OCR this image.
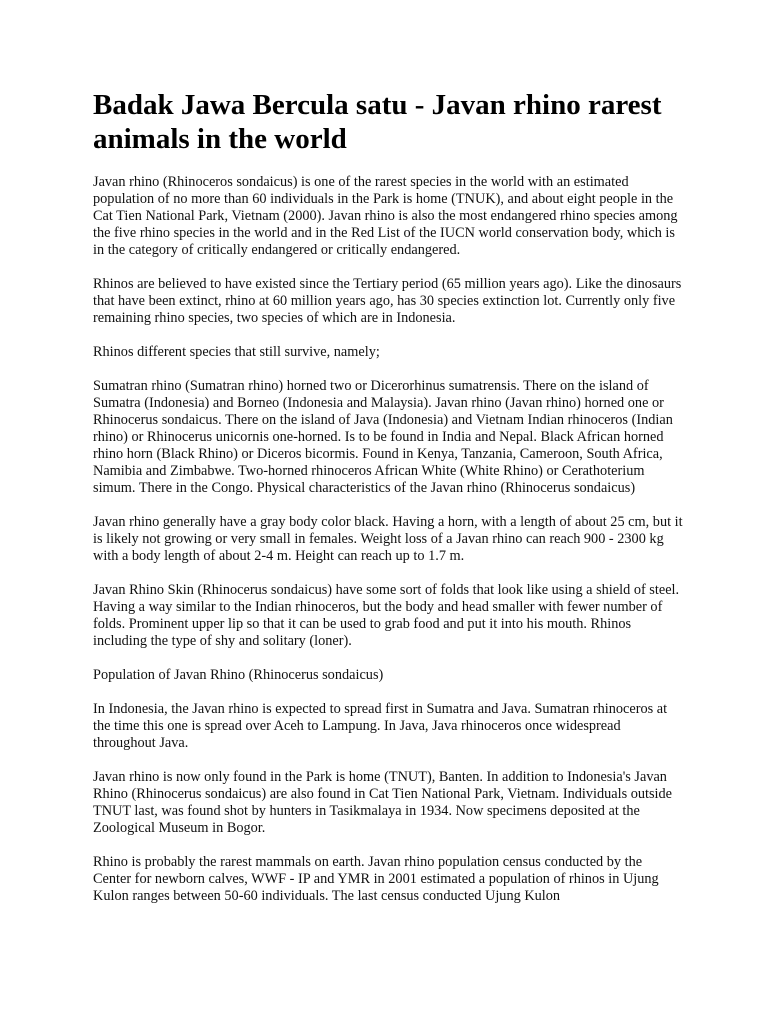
Badak Jawa Bercula satu - Javan rhino rarest animals in the world

Javan rhino (Rhinoceros sondaicus) is one of the rarest species in the world with an estimated population of no more than 60 individuals in the Park is home (TNUK), and about eight people in the Cat Tien National Park, Vietnam (2000). Javan rhino is also the most endangered rhino species among the five rhino species in the world and in the Red List of the IUCN world conservation body, which is in the category of critically endangered or critically endangered.

Rhinos are believed to have existed since the Tertiary period (65 million years ago). Like the dinosaurs that have been extinct, rhino at 60 million years ago, has 30 species extinction lot. Currently only five remaining rhino species, two species of which are in Indonesia.

Rhinos different species that still survive, namely;

Sumatran rhino (Sumatran rhino) horned two or Dicerorhinus sumatrensis. There on the island of Sumatra (Indonesia) and Borneo (Indonesia and Malaysia). Javan rhino (Javan rhino) horned one or Rhinocerus sondaicus. There on the island of Java (Indonesia) and Vietnam Indian rhinoceros (Indian rhino) or Rhinocerus unicornis one-horned. Is to be found in India and Nepal. Black African horned rhino horn (Black Rhino) or Diceros bicormis. Found in Kenya, Tanzania, Cameroon, South Africa, Namibia and Zimbabwe. Two-horned rhinoceros African White (White Rhino) or Cerathoterium simum. There in the Congo. Physical characteristics of the Javan rhino (Rhinocerus sondaicus)

Javan rhino generally have a gray body color black. Having a horn, with a length of about 25 cm, but it is likely not growing or very small in females. Weight loss of a Javan rhino can reach 900 - 2300 kg with a body length of about 2-4 m. Height can reach up to 1.7 m.

Javan Rhino Skin (Rhinocerus sondaicus) have some sort of folds that look like using a shield of steel. Having a way similar to the Indian rhinoceros, but the body and head smaller with fewer number of folds. Prominent upper lip so that it can be used to grab food and put it into his mouth. Rhinos including the type of shy and solitary (loner).

Population of Javan Rhino (Rhinocerus sondaicus)

In Indonesia, the Javan rhino is expected to spread first in Sumatra and Java. Sumatran rhinoceros at the time this one is spread over Aceh to Lampung. In Java, Java rhinoceros once widespread throughout Java.

Javan rhino is now only found in the Park is home (TNUT), Banten. In addition to Indonesia's Javan Rhino (Rhinocerus sondaicus) are also found in Cat Tien National Park, Vietnam. Individuals outside TNUT last, was found shot by hunters in Tasikmalaya in 1934. Now specimens deposited at the Zoological Museum in Bogor.

Rhino is probably the rarest mammals on earth. Javan rhino population census conducted by the Center for newborn calves, WWF - IP and YMR in 2001 estimated a population of rhinos in Ujung Kulon ranges between 50-60 individuals. The last census conducted Ujung Kulon
